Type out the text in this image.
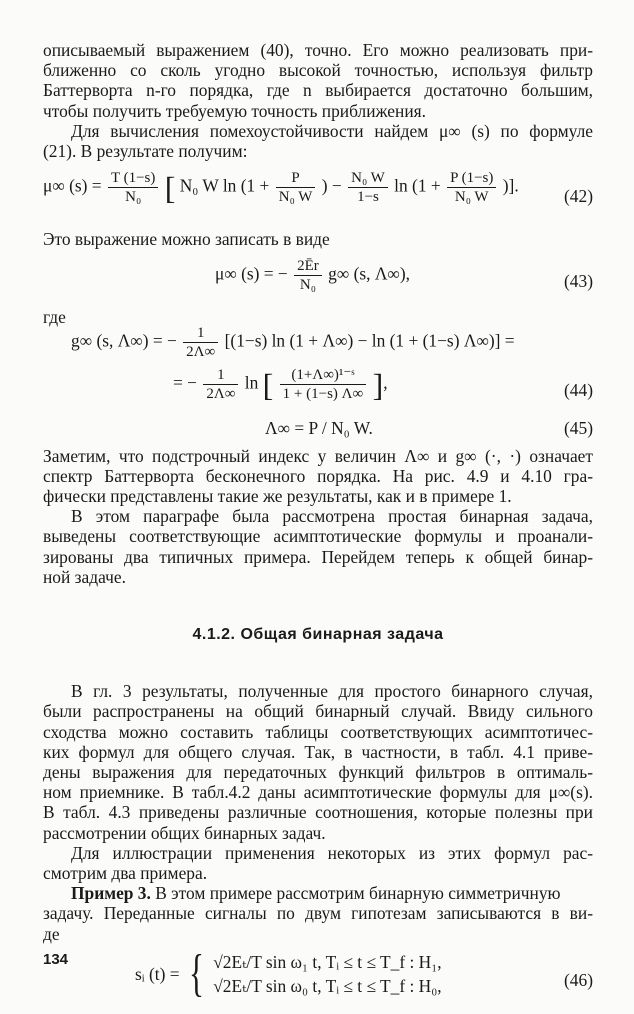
описываемый выражением (40), точно. Его можно реализовать при-
ближенно со сколь угодно высокой точностью, используя фильтр
Баттерворта n-го порядка, где n выбирается достаточно большим,
чтобы получить требуемую точность приближения.
Для вычисления помехоустойчивости найдем μ∞ (s) по формуле
(21). В результате получим:
μ∞ $(s) = \frac{T (1-s)}{\text{N₀}}$ [ N₀ W $\ln (1 + \frac{P}{\text{N₀ W}}$ ) − $\frac{\text{N₀ W}}{1-s}$ $\ln (1 + \frac{P (1-s)}{\text{N₀ W}}$ )].
(42)
Это выражение можно записать в виде
μ∞ (s) = − $\frac{2Ēr}{\text{N₀}} g\infty$ (s, Λ∞),	(43)
где
g∞ (s, Λ∞) = − $\frac{1}{2\Lambda\infty} [(1-s)$ ln (1 + Λ∞) − ln (1 + (1−s) Λ∞)] =
= − $\frac{1}{2\Lambda\infty}$ ln [ $\frac{\text{(1+Λ∞)¹⁻ˢ}}{1 + (1-s) \Lambda\infty}$ ],	(44)
Λ∞ = P / N₀ W.	(45)
Заметим, что подстрочный индекс у величин Λ∞ и g∞ (·, ·) означает
спектр Баттерворта бесконечного порядка. На рис. 4.9 и 4.10 гра-
фически представлены такие же результаты, как и в примере 1.
В этом параграфе была рассмотрена простая бинарная задача,
выведены соответствующие асимптотические формулы и проанали-
зированы два типичных примера. Перейдем теперь к общей бинар-
ной задаче.
4.1.2. Общая бинарная задача
В гл. 3 результаты, полученные для простого бинарного случая,
были распространены на общий бинарный случай. Ввиду сильного
сходства можно составить таблицы соответствующих асимптотичес-
ких формул для общего случая. Так, в частности, в табл. 4.1 приве-
дены выражения для передаточных функций фильтров в оптималь-
ном приемнике. В табл.4.2 даны асимптотические формулы для μ∞(s).
В табл. 4.3 приведены различные соотношения, которые полезны при
рассмотрении общих бинарных задач.
Для иллюстрации применения некоторых из этих формул рас-
смотрим два примера.
Пример 3. В этом примере рассмотрим бинарную симметричную
задачу. Переданные сигналы по двум гипотезам записываются в ви-
де
sᵢ (t) = { √2Eₜ/T sin ω₁ t, Tᵢ ≤ t ≤ T_f : H₁,
√2Eₜ/T sin ω₀ t, Tᵢ ≤ t ≤ T_f : H₀,	(46)
134
